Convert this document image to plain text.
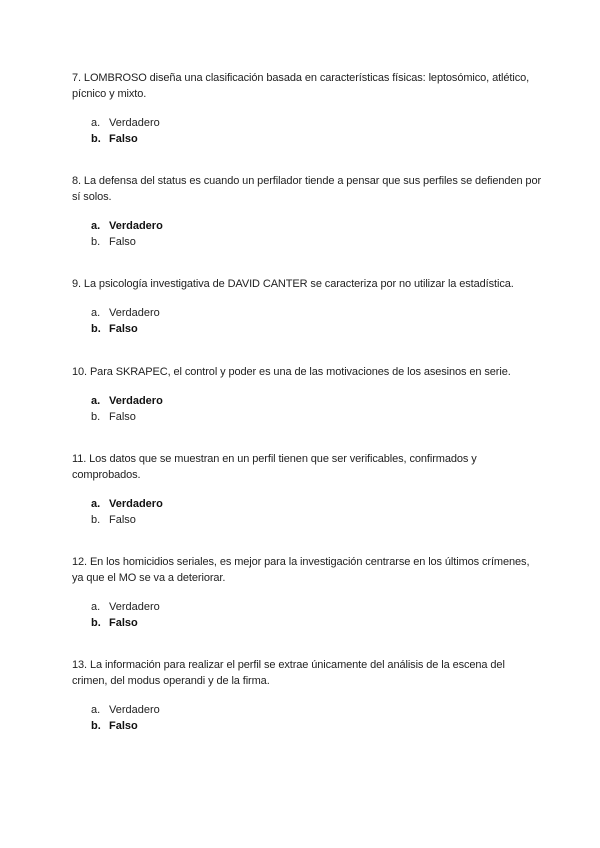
7. LOMBROSO diseña una clasificación basada en características físicas: leptosómico, atlético, pícnico y mixto.

a. Verdadero
b. Falso

8. La defensa del status es cuando un perfilador tiende a pensar que sus perfiles se defienden por sí solos.

a. Verdadero
b. Falso

9. La psicología investigativa de DAVID CANTER se caracteriza por no utilizar la estadística.

a. Verdadero
b. Falso

10. Para SKRAPEC, el control y poder es una de las motivaciones de los asesinos en serie.

a. Verdadero
b. Falso

11. Los datos que se muestran en un perfil tienen que ser verificables, confirmados y comprobados.

a. Verdadero
b. Falso

12. En los homicidios seriales, es mejor para la investigación centrarse en los últimos crímenes, ya que el MO se va a deteriorar.

a. Verdadero
b. Falso

13. La información para realizar el perfil se extrae únicamente del análisis de la escena del crimen, del modus operandi y de la firma.

a. Verdadero
b. Falso
